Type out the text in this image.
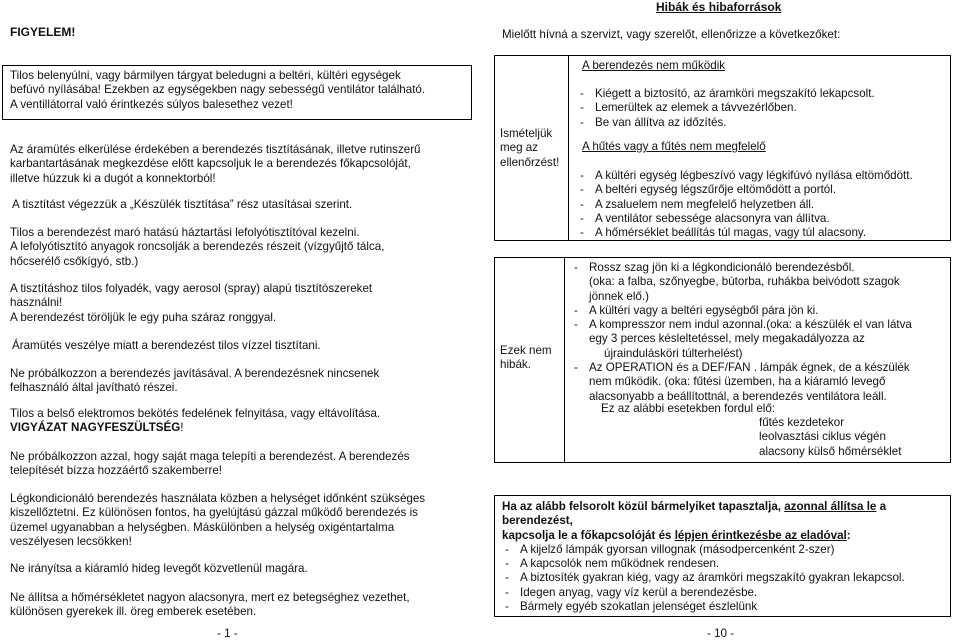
FIGYELEM!

Tilos belenyúlni, vagy bármilyen tárgyat beledugni a beltéri, kültéri egységek

befúvó nyílásába! Ezekben az egységekben nagy sebességű ventilátor található.

A ventillátorral való érintkezés súlyos balesethez vezet!

Az áramütés elkerülése érdekében a berendezés tisztításának, illetve rutinszerű

karbantartásának megkezdése előtt kapcsoljuk le a berendezés főkapcsolóját,

illetve húzzuk ki a dugót a konnektorból!

A tisztítást végezzük a „Készülék tisztítása” rész utasításai szerint.

Tilos a berendezést maró hatású háztartási lefolyótisztítóval kezelni.

A lefolyótisztító anyagok roncsolják a berendezés részeit (vízgyűjtő tálca,

hőcserélő csőkígyó, stb.)

A tisztításhoz tilos folyadék, vagy aerosol (spray) alapú tisztítószereket

használni!

A berendezést töröljük le egy puha száraz ronggyal.

Áramütés veszélye miatt a berendezést tilos vízzel tisztítani.

Ne próbálkozzon a berendezés javításával. A berendezésnek nincsenek

felhasználó által javítható részei.

Tilos a belső elektromos bekötés fedelének felnyitása, vagy eltávolítása.

VIGYÁZAT NAGYFESZÜLTSÉG!

Ne próbálkozzon azzal, hogy saját maga telepíti a berendezést. A berendezés

telepítését bízza hozzáértő szakemberre!

Légkondicionáló berendezés használata közben a helységet időnként szükséges

kiszellőztetni. Ez különösen fontos, ha gyelújtású gázzal működő berendezés is

üzemel ugyanabban a helységben. Máskülönben a helység oxigéntartalma

veszélyesen lecsökken!

Ne irányítsa a kiáramló hideg levegőt közvetlenül magára.

Ne állítsa a hőmérsékletet nagyon alacsonyra, mert ez betegséghez vezethet,

különösen gyerekek ill. öreg emberek esetében.

- 1 -
Hibák és hibaforrások
Mielőtt hívná a szervizt, vagy szerelőt, ellenőrizze a következőket:

Ismételjük

meg az

ellenőrzést!

A berendezés nem működik
- Kiégett a biztosító, az áramköri megszakító lekapcsolt.
- Lemerültek az elemek a távvezérlőben.
- Be van állítva az időzítés.
A hűtés vagy a fűtés nem megfelelő
- A kültéri egység légbeszívó vagy légkifúvó nyílása eltömődött.
- A beltéri egység légszűrője eltömődött a portól.
- A zsaluelem nem megfelelő helyzetben áll.
- A ventilátor sebessége alacsonyra van állítva.
- A hőmérséklet beállítás túl magas, vagy túl alacsony.

Ezek nem

hibák.

- Rossz szag jön ki a légkondicionáló berendezésből.
(oka: a falba, szőnyegbe, bútorba, ruhákba beivódott szagok
jönnek elő.)
- A kültéri vagy a beltéri egységből pára jön ki.
- A kompresszor nem indul azonnal.(oka: a készülék el van látva
egy 3 perces késleltetéssel, mely megakadályozza az
újraindulásköri túlterhelést)
- Az OPERATION és a DEF/FAN . lámpák égnek, de a készülék
nem működik. (oka: fűtési üzemben, ha a kiáramló levegő
alacsonyabb a beállítottnál, a berendezés ventilátora leáll.
Ez az alábbi esetekben fordul elő:

fűtés kezdetekor

leolvasztási ciklus végén

alacsony külső hőmérséklet

Ha az alább felsorolt közül bármelyiket tapasztalja, azonnal állítsa le a

berendezést,

kapcsolja le a főkapcsolóját és lépjen érintkezésbe az eladóval:

- A kijelző lámpák gyorsan villognak (másodpercenként 2-szer)
- A kapcsolók nem működnek rendesen.
- A biztosíték gyakran kiég, vagy az áramköri megszakító gyakran lekapcsol.
- Idegen anyag, vagy víz kerül a berendezésbe.
- Bármely egyéb szokatlan jelenséget észlelünk
- 10 -
